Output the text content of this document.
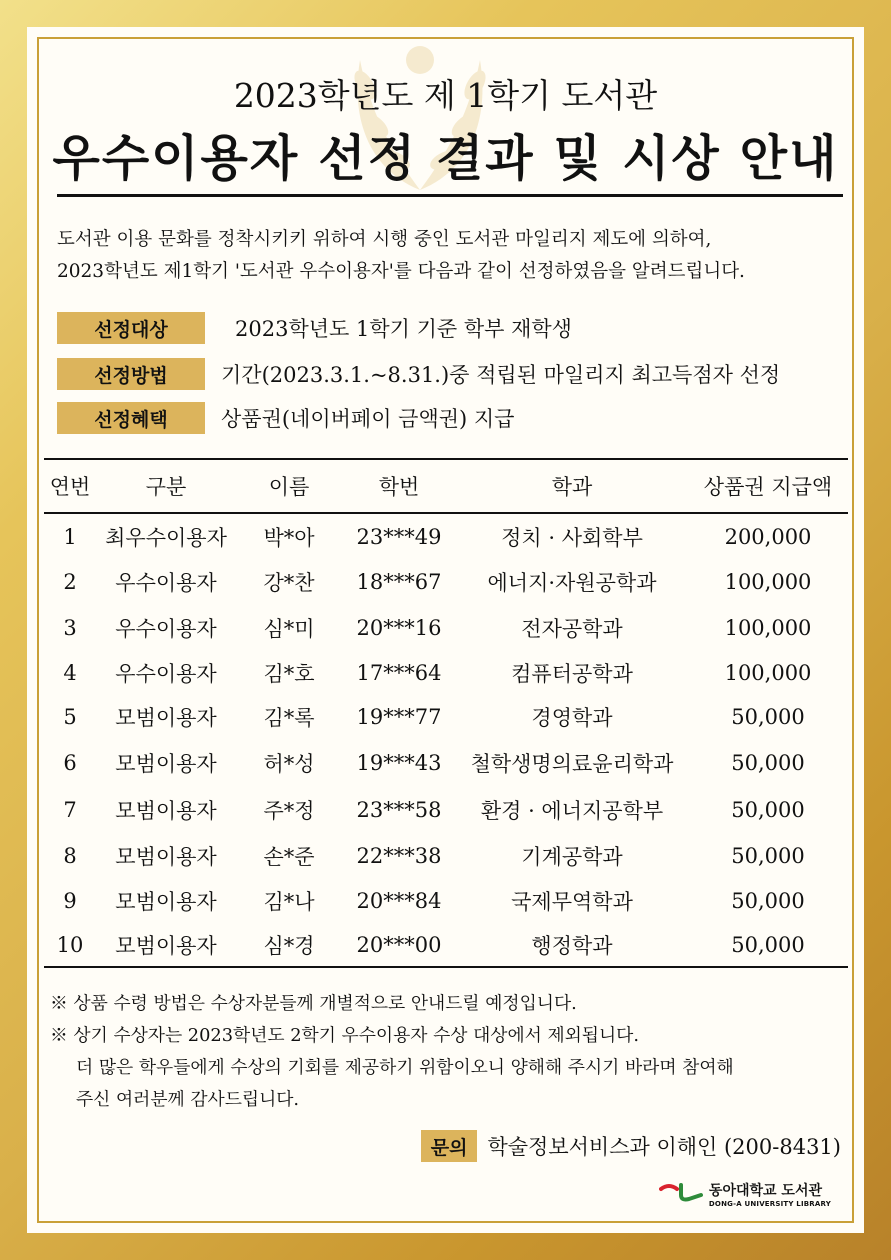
2023학년도 제 1학기 도서관
우수이용자 선정 결과 및 시상 안내
도서관 이용 문화를 정착시키키 위하여 시행 중인 도서관 마일리지 제도에 의하여,
2023학년도 제1학기 '도서관 우수이용자'를 다음과 같이 선정하였음을 알려드립니다.
선정대상	2023학년도 1학기 기준 학부 재학생
선정방법	기간(2023.3.1.~8.31.)중 적립된 마일리지 최고득점자 선정
선정혜택	상품권(네이버페이 금액권) 지급
연번	구분	이름	학번	학과	상품권 지급액
1	최우수이용자	박*아	23***49	정치 · 사회학부	200,000
2	우수이용자	강*찬	18***67	에너지·자원공학과	100,000
3	우수이용자	심*미	20***16	전자공학과	100,000
4	우수이용자	김*호	17***64	컴퓨터공학과	100,000
5	모범이용자	김*록	19***77	경영학과	50,000
6	모범이용자	허*성	19***43	철학생명의료윤리학과	50,000
7	모범이용자	주*정	23***58	환경 · 에너지공학부	50,000
8	모범이용자	손*준	22***38	기계공학과	50,000
9	모범이용자	김*나	20***84	국제무역학과	50,000
10	모범이용자	심*경	20***00	행정학과	50,000
※ 상품 수령 방법은 수상자분들께 개별적으로 안내드릴 예정입니다.
※ 상기 수상자는 2023학년도 2학기 우수이용자 수상 대상에서 제외됩니다.
더 많은 학우들에게 수상의 기회를 제공하기 위함이오니 양해해 주시기 바라며 참여해
주신 여러분께 감사드립니다.
문의 학술정보서비스과 이해인 (200-8431)
동아대학교 도서관
DONG-A UNIVERSITY LIBRARY
